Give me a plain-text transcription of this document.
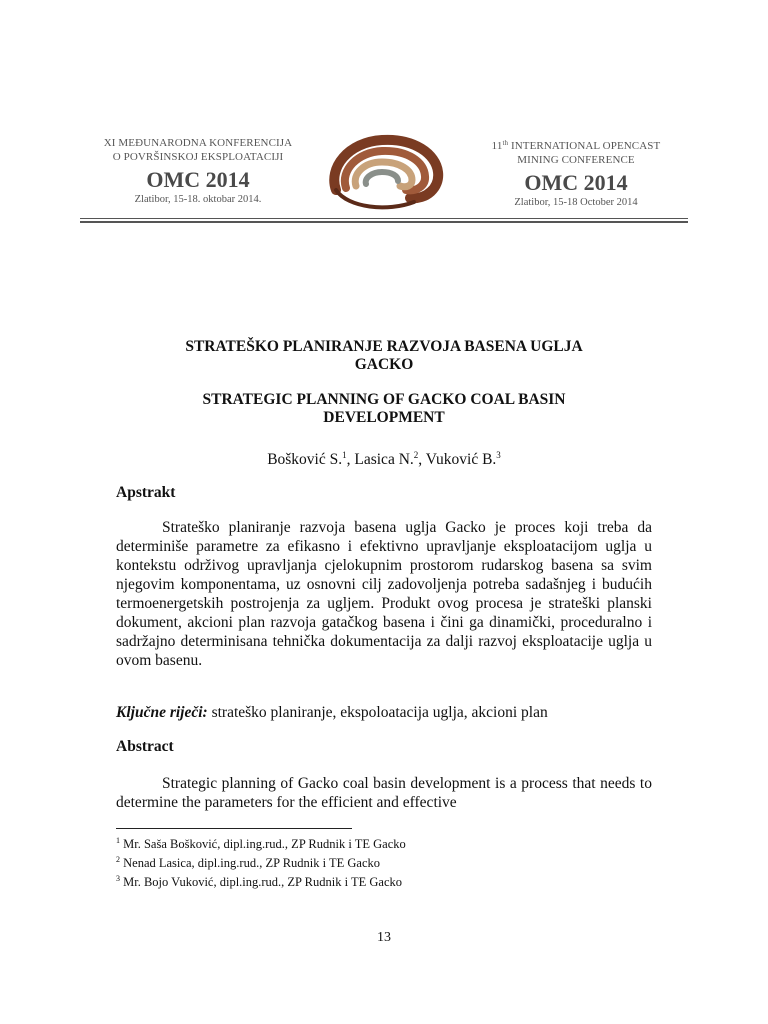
XI MEĐUNARODNA KONFERENCIJA
O POVRŠINSKOJ EKSPLOATACIJI
OMC 2014
Zlatibor, 15-18. oktobar 2014.
11th INTERNATIONAL OPENCAST
MINING CONFERENCE
OMC 2014
Zlatibor, 15-18 October 2014
STRATEŠKO PLANIRANJE RAZVOJA BASENA UGLJA
GACKO
STRATEGIC PLANNING OF GACKO COAL BASIN
DEVELOPMENT
Bošković S.$^1$, Lasica N.$^2$, Vuković B.$^3$
Apstrakt
Strateško planiranje razvoja basena uglja Gacko je proces koji treba da determiniše parametre za efikasno i efektivno upravljanje eksploatacijom uglja u kontekstu održivog upravljanja cjelokupnim prostorom rudarskog basena sa svim njegovim komponentama, uz osnovni cilj zadovoljenja potreba sadašnjeg i budućih termoenergetskih postrojenja za ugljem. Produkt ovog procesa je strateški planski dokument, akcioni plan razvoja gatačkog basena i čini ga dinamički, proceduralno i sadržajno determinisana tehnička dokumentacija za dalji razvoj eksploatacije uglja u ovom basenu.
Ključne riječi: strateško planiranje, ekspoloatacija uglja, akcioni plan
Abstract
Strategic planning of Gacko coal basin development is a process that needs to determine the parameters for the efficient and effective
$^1$ Mr. Saša Bošković, dipl.ing.rud., ZP Rudnik i TE Gacko
$^2$ Nenad Lasica, dipl.ing.rud., ZP Rudnik i TE Gacko
$^3$ Mr. Bojo Vuković, dipl.ing.rud., ZP Rudnik i TE Gacko
13
